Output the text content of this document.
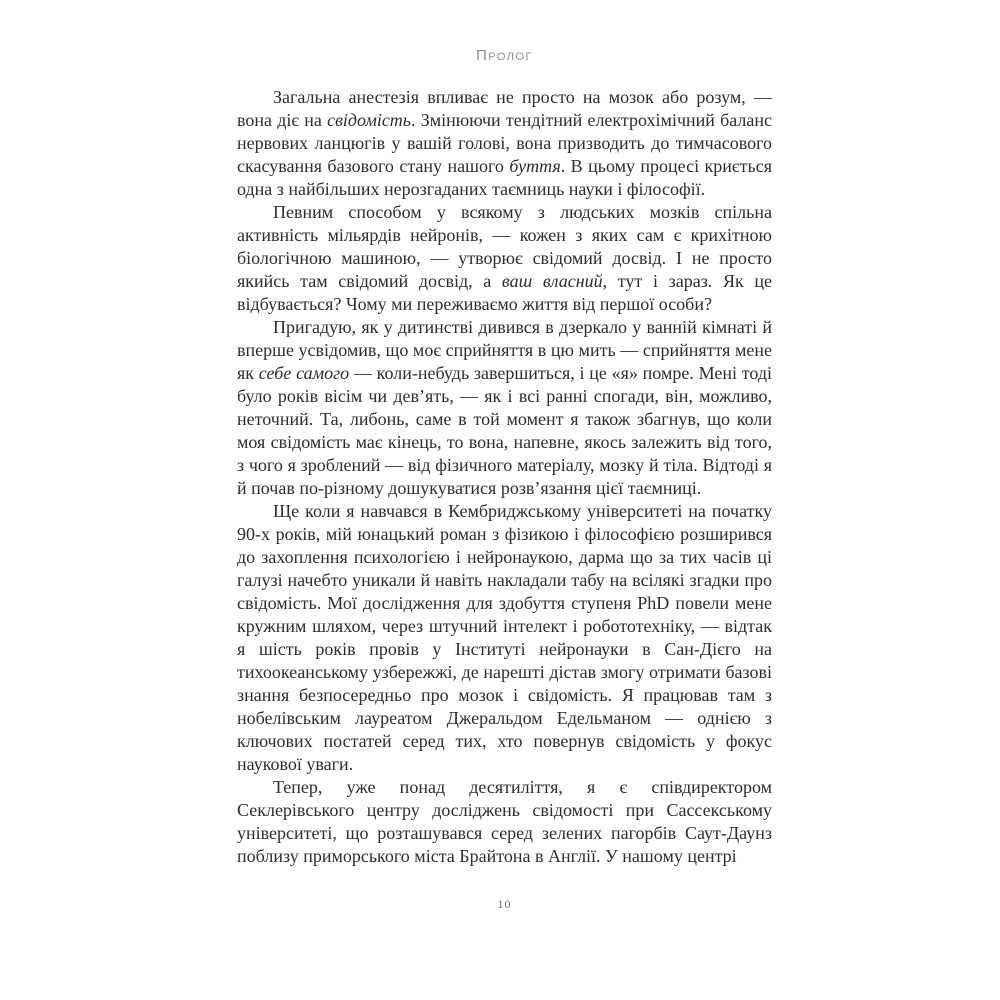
Пролог

Загальна анестезія впливає не просто на мозок або розум, — вона діє на свідомість. Змінюючи тендітний електрохімічний баланс нервових ланцюгів у вашій голові, вона призводить до тимчасового скасування базового стану нашого буття. В цьому процесі криється одна з найбільших нерозгаданих таємниць науки і філософії.

Певним способом у всякому з людських мозків спільна активність мільярдів нейронів, — кожен з яких сам є крихітною біологічною машиною, — утворює свідомий досвід. І не просто якийсь там свідомий досвід, а ваш власний, тут і зараз. Як це відбувається? Чому ми переживаємо життя від першої особи?

Пригадую, як у дитинстві дивився в дзеркало у ванній кімнаті й вперше усвідомив, що моє сприйняття в цю мить — сприйняття мене як себе самого — коли-небудь завершиться, і це «я» помре. Мені тоді було років вісім чи дев’ять, — як і всі ранні спогади, він, можливо, неточний. Та, либонь, саме в той момент я також збагнув, що коли моя свідомість має кінець, то вона, напевне, якось залежить від того, з чого я зроблений — від фізичного матеріалу, мозку й тіла. Відтоді я й почав по-різному дошукуватися розв’язання цієї таємниці.

Ще коли я навчався в Кембриджському університеті на початку 90-х років, мій юнацький роман з фізикою і філософією розширився до захоплення психологією і нейронаукою, дарма що за тих часів ці галузі начебто уникали й навіть накладали табу на всілякі згадки про свідомість. Мої дослідження для здобуття ступеня PhD повели мене кружним шляхом, через штучний інтелект і робототехніку, — відтак я шість років провів у Інституті нейронауки в Сан-Дієго на тихоокеанському узбережжі, де нарешті дістав змогу отримати базові знання безпосередньо про мозок і свідомість. Я працював там з нобелівським лауреатом Джеральдом Едельманом — однією з ключових постатей серед тих, хто повернув свідомість у фокус наукової уваги.

Тепер, уже понад десятиліття, я є співдиректором Секлерівського центру досліджень свідомості при Сассекському університеті, що розташувався серед зелених пагорбів Саут-Даунз поблизу приморського міста Брайтона в Англії. У нашому центрі

10
